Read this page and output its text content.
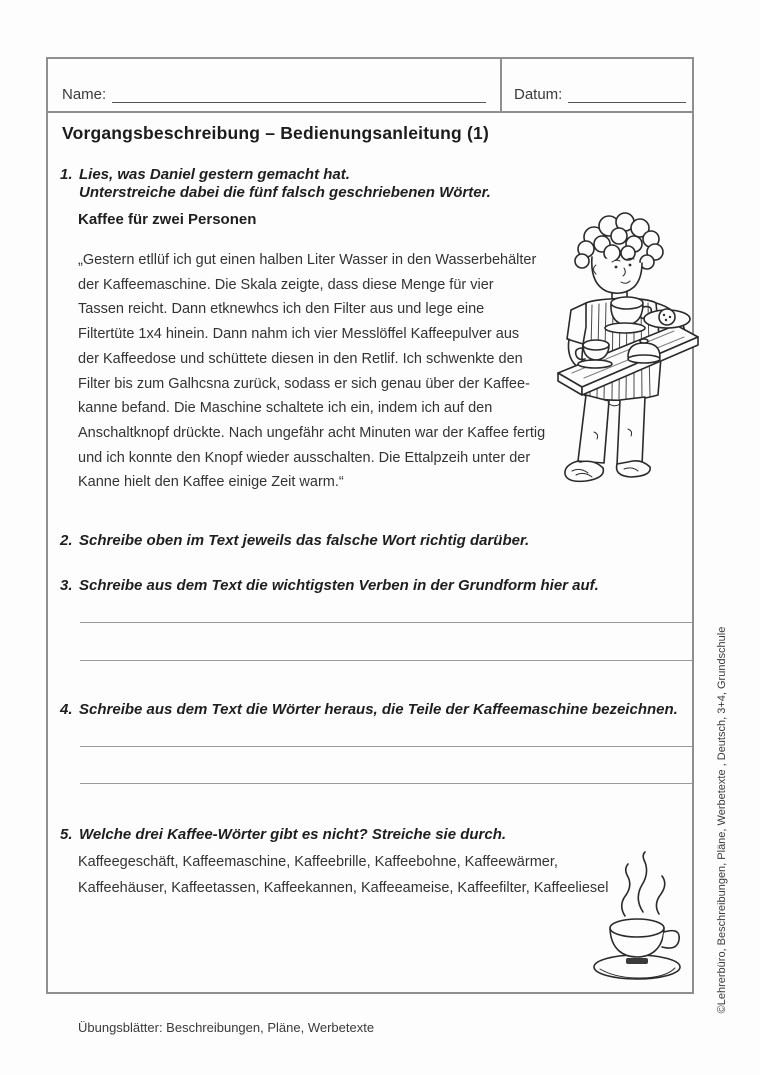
Name:	Datum:
Vorgangsbeschreibung – Bedienungsanleitung (1)
1. Lies, was Daniel gestern gemacht hat.
Unterstreiche dabei die fünf falsch geschriebenen Wörter.
Kaffee für zwei Personen
„Gestern etllüf ich gut einen halben Liter Wasser in den Wasserbehälter
der Kaffeemaschine. Die Skala zeigte, dass diese Menge für vier
Tassen reicht. Dann etknewhcs ich den Filter aus und lege eine
Filtertüte 1x4 hinein. Dann nahm ich vier Messlöffel Kaffeepulver aus
der Kaffeedose und schüttete diesen in den Retlif. Ich schwenkte den
Filter bis zum Galhcsna zurück, sodass er sich genau über der Kaffee-
kanne befand. Die Maschine schaltete ich ein, indem ich auf den
Anschaltknopf drückte. Nach ungefähr acht Minuten war der Kaffee fertig
und ich konnte den Knopf wieder ausschalten. Die Ettalpzeih unter der
Kanne hielt den Kaffee einige Zeit warm.“
2. Schreibe oben im Text jeweils das falsche Wort richtig darüber.
3. Schreibe aus dem Text die wichtigsten Verben in der Grundform hier auf.
4. Schreibe aus dem Text die Wörter heraus, die Teile der Kaffeemaschine bezeichnen.
5. Welche drei Kaffee-Wörter gibt es nicht? Streiche sie durch.
Kaffeegeschäft, Kaffeemaschine, Kaffeebrille, Kaffeebohne, Kaffeewärmer,
Kaffeehäuser, Kaffeetassen, Kaffeekannen, Kaffeeameise, Kaffeefilter, Kaffeeliesel
Übungsblätter: Beschreibungen, Pläne, Werbetexte
©Lehrerbüro, Beschreibungen, Pläne, Werbetexte , Deutsch, 3+4, Grundschule
